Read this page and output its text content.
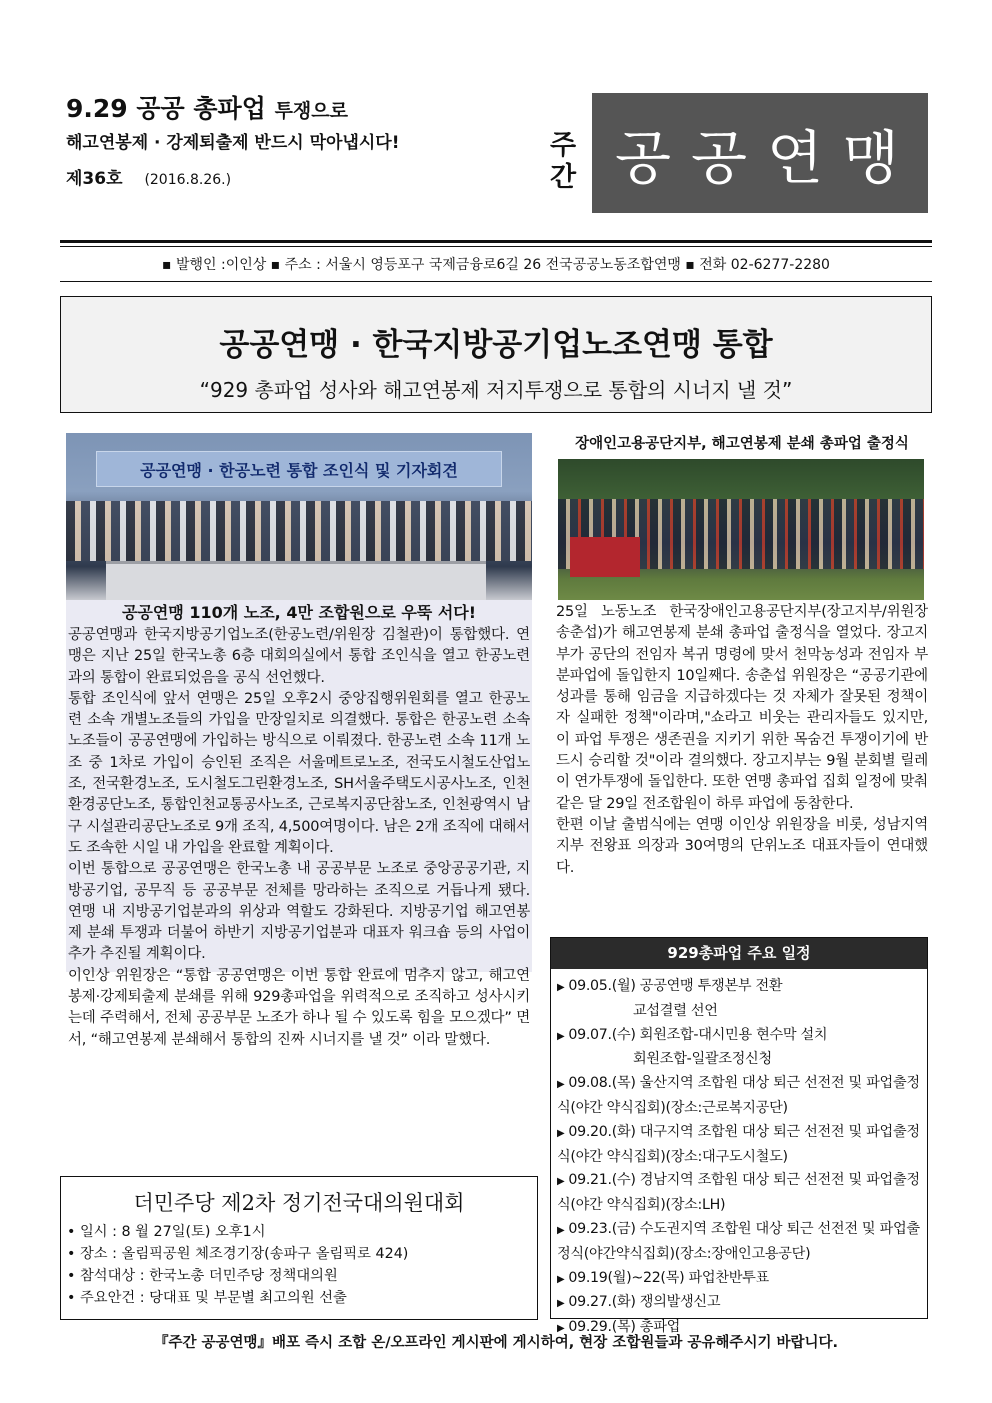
9.29 공공 총파업 투쟁으로
해고연봉제 · 강제퇴출제 반드시 막아냅시다!
제36호 (2016.8.26.)
주간 공공연맹
▪ 발행인 :이인상 ▪ 주소 : 서울시 영등포구 국제금융로6길 26 전국공공노동조합연맹 ▪ 전화 02-6277-2280
공공연맹 · 한국지방공기업노조연맹 통합
“929 총파업 성사와 해고연봉제 저지투쟁으로 통합의 시너지 낼 것”
공공연맹 · 한공노련 통합 조인식 및 기자회견
공공연맹 110개 노조, 4만 조합원으로 우뚝 서다!

공공연맹과 한국지방공기업노조(한공노련/위원장 김철관)이 통합했다. 연맹은 지난 25일 한국노총 6층 대회의실에서 통합 조인식을 열고 한공노련과의 통합이 완료되었음을 공식 선언했다.

통합 조인식에 앞서 연맹은 25일 오후2시 중앙집행위원회를 열고 한공노련 소속 개별노조들의 가입을 만장일치로 의결했다. 통합은 한공노련 소속 노조들이 공공연맹에 가입하는 방식으로 이뤄졌다. 한공노련 소속 11개 노조 중 1차로 가입이 승인된 조직은 서울메트로노조, 전국도시철도산업노조, 전국환경노조, 도시철도그린환경노조, SH서울주택도시공사노조, 인천환경공단노조, 통합인천교통공사노조, 근로복지공단참노조, 인천광역시 남구 시설관리공단노조로 9개 조직, 4,500여명이다. 남은 2개 조직에 대해서도 조속한 시일 내 가입을 완료할 계획이다.

이번 통합으로 공공연맹은 한국노총 내 공공부문 노조로 중앙공공기관, 지방공기업, 공무직 등 공공부문 전체를 망라하는 조직으로 거듭나게 됐다. 연맹 내 지방공기업분과의 위상과 역할도 강화된다. 지방공기업 해고연봉제 분쇄 투쟁과 더불어 하반기 지방공기업분과 대표자 워크숍 등의 사업이 추가 추진될 계획이다.

이인상 위원장은 “통합 공공연맹은 이번 통합 완료에 멈추지 않고, 해고연봉제·강제퇴출제 분쇄를 위해 929총파업을 위력적으로 조직하고 성사시키는데 주력해서, 전체 공공부문 노조가 하나 될 수 있도록 힘을 모으겠다” 면서, “해고연봉제 분쇄해서 통합의 진짜 시너지를 낼 것” 이라 말했다.

장애인고용공단지부, 해고연봉제 분쇄 총파업 출정식

25일 노동노조 한국장애인고용공단지부(장고지부/위원장 송춘섭)가 해고연봉제 분쇄 총파업 출정식을 열었다. 장고지부가 공단의 전임자 복귀 명령에 맞서 천막농성과 전임자 부분파업에 돌입한지 10일째다. 송춘섭 위원장은 “공공기관에 성과를 통해 임금을 지급하겠다는 것 자체가 잘못된 정책이자 실패한 정책"이라며,"쇼라고 비웃는 관리자들도 있지만, 이 파업 투쟁은 생존권을 지키기 위한 목숨건 투쟁이기에 반드시 승리할 것"이라 결의했다. 장고지부는 9월 분회별 릴레이 연가투쟁에 돌입한다. 또한 연맹 총파업 집회 일정에 맞춰 같은 달 29일 전조합원이 하루 파업에 동참한다.

한편 이날 출범식에는 연맹 이인상 위원장을 비롯, 성남지역지부 전왕표 의장과 30여명의 단위노조 대표자들이 연대했다.

929총파업 주요 일정
▶ 09.05.(월) 공공연맹 투쟁본부 전환
교섭결렬 선언
▶ 09.07.(수) 회원조합-대시민용 현수막 설치
회원조합-일괄조정신청
▶ 09.08.(목) 울산지역 조합원 대상 퇴근 선전전 및 파업출정식(야간 약식집회)(장소:근로복지공단)
▶ 09.20.(화) 대구지역 조합원 대상 퇴근 선전전 및 파업출정식(야간 약식집회)(장소:대구도시철도)
▶ 09.21.(수) 경남지역 조합원 대상 퇴근 선전전 및 파업출정식(야간 약식집회)(장소:LH)
▶ 09.23.(금) 수도권지역 조합원 대상 퇴근 선전전 및 파업출정식(야간약식집회)(장소:장애인고용공단)
▶ 09.19(월)~22(목) 파업찬반투표
▶ 09.27.(화) 쟁의발생신고
▶ 09.29.(목) 총파업
더민주당 제2차 정기전국대의원대회
• 일시 : 8 월 27일(토) 오후1시
• 장소 : 올림픽공원 체조경기장(송파구 올림픽로 424)
• 참석대상 : 한국노총 더민주당 정책대의원
• 주요안건 : 당대표 및 부문별 최고의원 선출
『주간 공공연맹』배포 즉시 조합 온/오프라인 게시판에 게시하여, 현장 조합원들과 공유해주시기 바랍니다.
